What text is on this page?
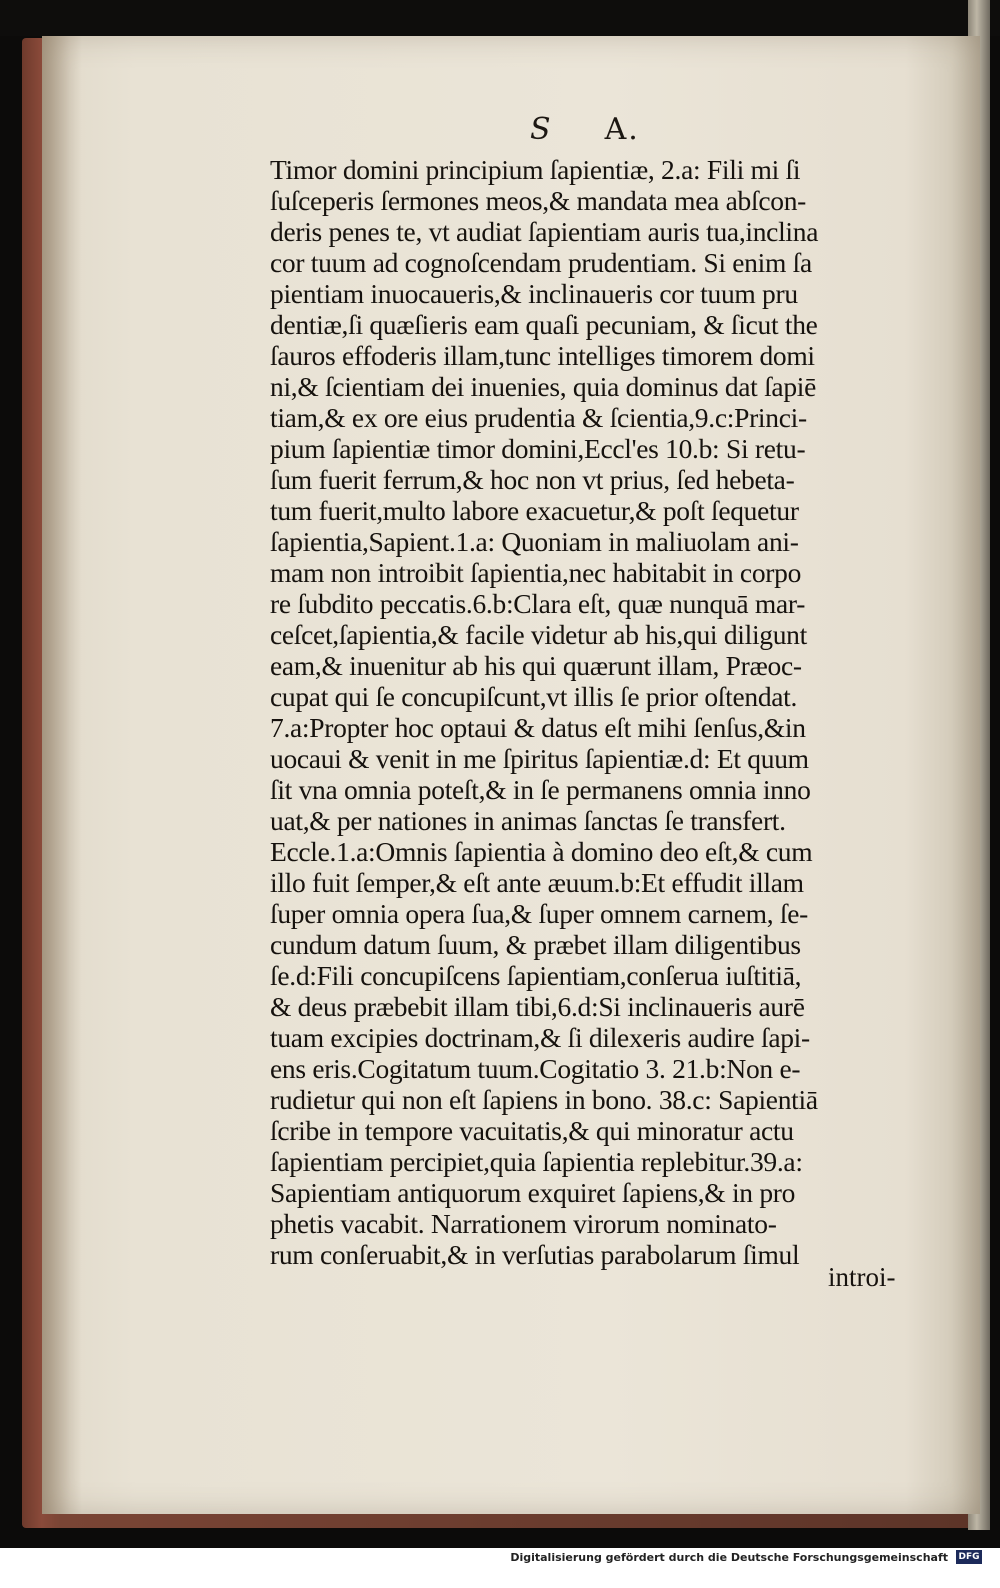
S A.
Timor domini principium ſapientiæ, 2.a: Fili mi ſi
ſuſceperis ſermones meos,& mandata mea abſcon-
deris penes te, vt audiat ſapientiam auris tua,inclina
cor tuum ad cognoſcendam prudentiam. Si enim ſa
pientiam inuocaueris,& inclinaueris cor tuum pru
dentiæ,ſi quæſieris eam quaſi pecuniam, & ſicut the
ſauros effoderis illam,tunc intelliges timorem domi
ni,& ſcientiam dei inuenies, quia dominus dat ſapiē
tiam,& ex ore eius prudentia & ſcientia,9.c:Princi-
pium ſapientiæ timor domini,Eccl'es 10.b: Si retu-
ſum fuerit ferrum,& hoc non vt prius, ſed hebeta-
tum fuerit,multo labore exacuetur,& poſt ſequetur
ſapientia,Sapient.1.a: Quoniam in maliuolam ani-
mam non introibit ſapientia,nec habitabit in corpo
re ſubdito peccatis.6.b:Clara eſt, quæ nunquā mar-
ceſcet,ſapientia,& facile videtur ab his,qui diligunt
eam,& inuenitur ab his qui quærunt illam, Præoc-
cupat qui ſe concupiſcunt,vt illis ſe prior oſtendat.
7.a:Propter hoc optaui & datus eſt mihi ſenſus,&in
uocaui & venit in me ſpiritus ſapientiæ.d: Et quum
ſit vna omnia poteſt,& in ſe permanens omnia inno
uat,& per nationes in animas ſanctas ſe transfert.
Eccle.1.a:Omnis ſapientia à domino deo eſt,& cum
illo fuit ſemper,& eſt ante æuum.b:Et effudit illam
ſuper omnia opera ſua,& ſuper omnem carnem, ſe-
cundum datum ſuum, & præbet illam diligentibus
ſe.d:Fili concupiſcens ſapientiam,conſerua iuſtitiā,
& deus præbebit illam tibi,6.d:Si inclinaueris aurē
tuam excipies doctrinam,& ſi dilexeris audire ſapi-
ens eris.Cogitatum tuum.Cogitatio 3. 21.b:Non e-
rudietur qui non eſt ſapiens in bono. 38.c: Sapientiā
ſcribe in tempore vacuitatis,& qui minoratur actu
ſapientiam percipiet,quia ſapientia replebitur.39.a:
Sapientiam antiquorum exquiret ſapiens,& in pro
phetis vacabit. Narrationem virorum nominato-
rum conſeruabit,& in verſutias parabolarum ſimul
introi-
Digitalisierung gefördert durch die Deutsche Forschungsgemeinschaft DFG
